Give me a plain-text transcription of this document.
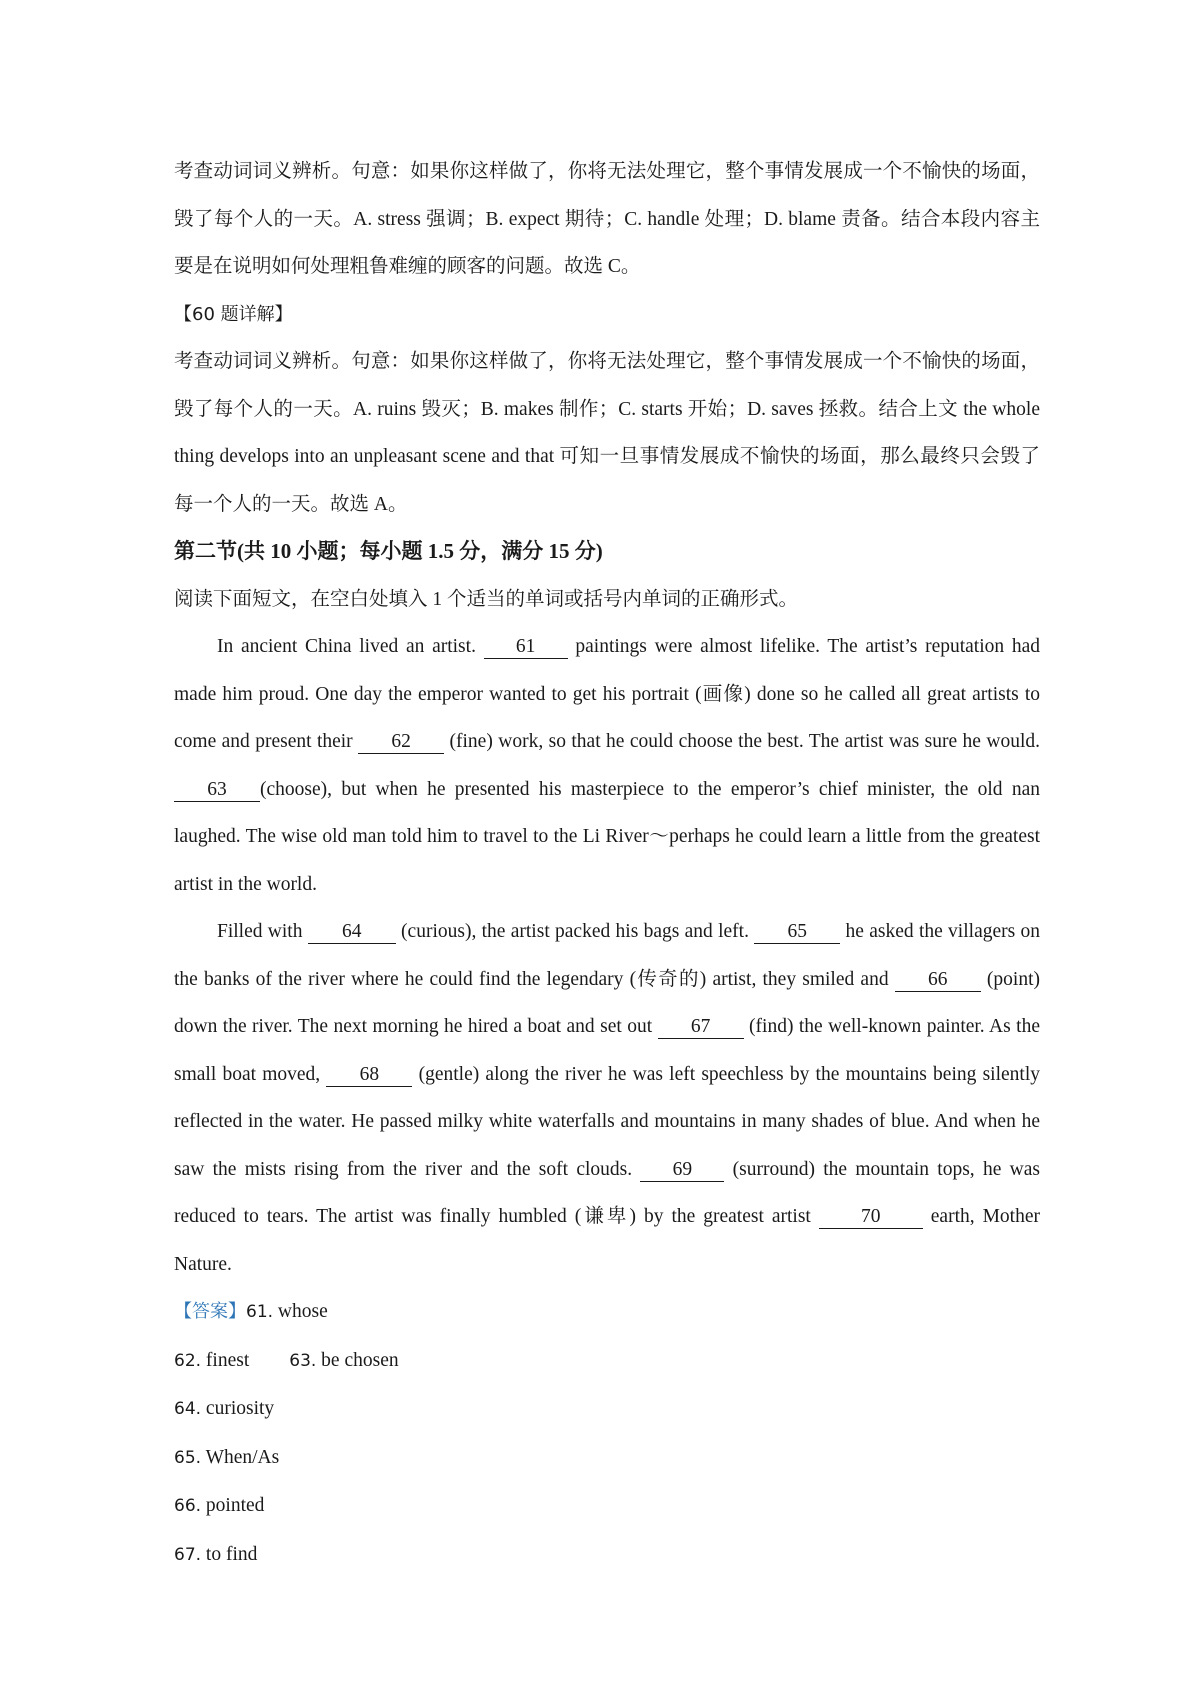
考查动词词义辨析。句意：如果你这样做了，你将无法处理它，整个事情发展成一个不愉快的场面，毁了每个人的一天。A. stress 强调；B. expect 期待；C. handle 处理；D. blame 责备。结合本段内容主要是在说明如何处理粗鲁难缠的顾客的问题。故选 C。

【60 题详解】

考查动词词义辨析。句意：如果你这样做了，你将无法处理它，整个事情发展成一个不愉快的场面，毁了每个人的一天。A. ruins 毁灭；B. makes 制作；C. starts 开始；D. saves 拯救。结合上文 the whole thing develops into an unpleasant scene and that 可知一旦事情发展成不愉快的场面，那么最终只会毁了每一个人的一天。故选 A。

第二节(共 10 小题；每小题 1.5 分，满分 15 分)

阅读下面短文，在空白处填入 1 个适当的单词或括号内单词的正确形式。

In ancient China lived an artist. 61 paintings were almost lifelike. The artist’s reputation had made him proud. One day the emperor wanted to get his portrait (画像) done so he called all great artists to come and present their 62 (fine) work, so that he could choose the best. The artist was sure he would. 63 (choose), but when he presented his masterpiece to the emperor’s chief minister, the old nan laughed. The wise old man told him to travel to the Li River～perhaps he could learn a little from the greatest artist in the world.

Filled with 64 (curious), the artist packed his bags and left. 65 he asked the villagers on the banks of the river where he could find the legendary (传奇的) artist, they smiled and 66 (point) down the river. The next morning he hired a boat and set out 67 (find) the well-known painter. As the small boat moved, 68 (gentle) along the river he was left speechless by the mountains being silently reflected in the water. He passed milky white waterfalls and mountains in many shades of blue. And when he saw the mists rising from the river and the soft clouds. 69 (surround) the mountain tops, he was reduced to tears. The artist was finally humbled (谦卑) by the greatest artist 70 earth, Mother Nature.

【答案】61. whose

62. finest 63. be chosen

64. curiosity

65. When/As

66. pointed

67. to find
